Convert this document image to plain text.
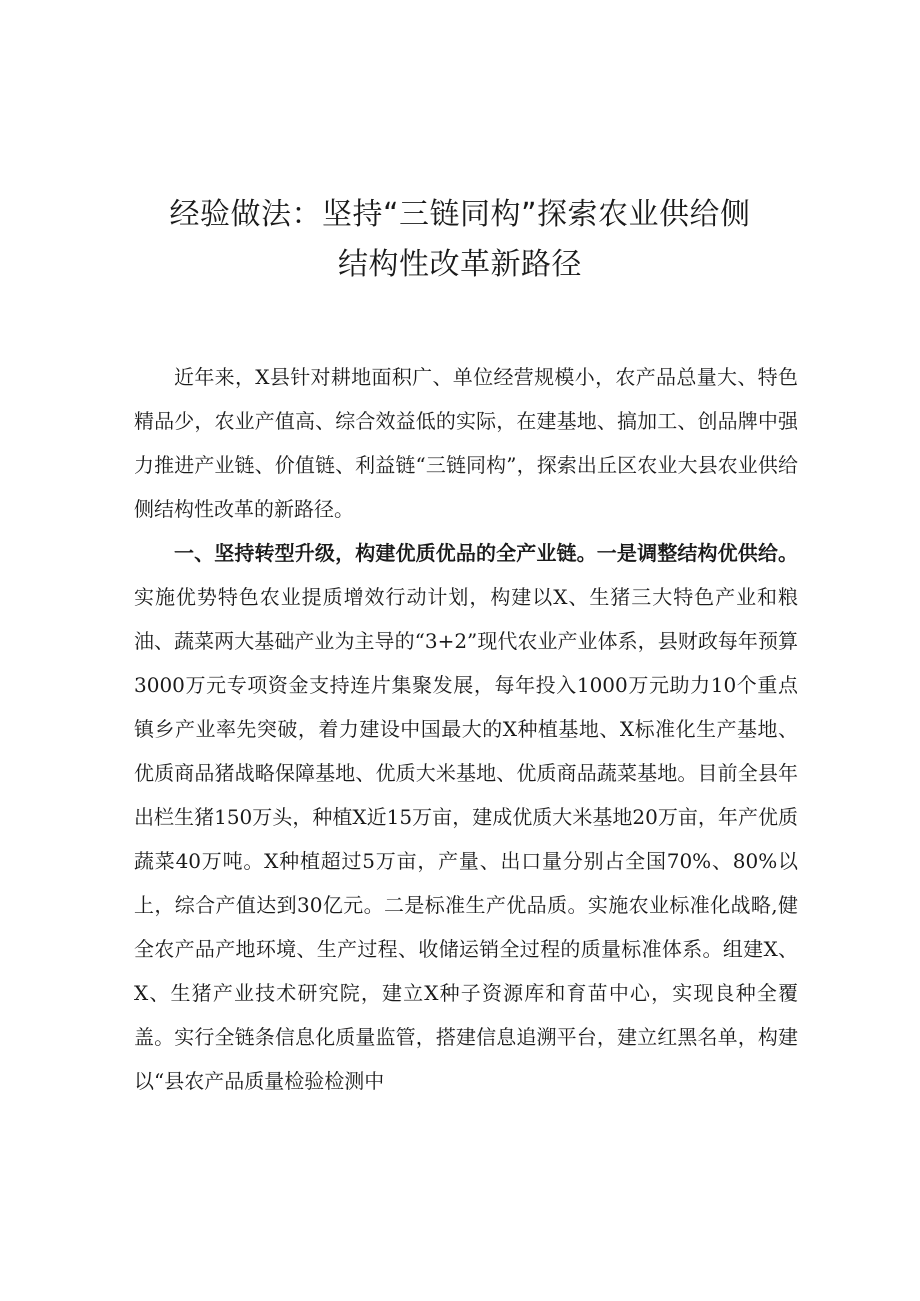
经验做法：坚持“三链同构”探索农业供给侧
结构性改革新路径

近年来，X县针对耕地面积广、单位经营规模小，农产品总量大、特色精品少，农业产值高、综合效益低的实际，在建基地、搞加工、创品牌中强力推进产业链、价值链、利益链“三链同构”，探索出丘区农业大县农业供给侧结构性改革的新路径。

一、坚持转型升级，构建优质优品的全产业链。一是调整结构优供给。实施优势特色农业提质增效行动计划，构建以X、生猪三大特色产业和粮油、蔬菜两大基础产业为主导的“3+2”现代农业产业体系，县财政每年预算3000万元专项资金支持连片集聚发展，每年投入1000万元助力10个重点镇乡产业率先突破，着力建设中国最大的X种植基地、X标准化生产基地、优质商品猪战略保障基地、优质大米基地、优质商品蔬菜基地。目前全县年出栏生猪150万头，种植X近15万亩，建成优质大米基地20万亩，年产优质蔬菜40万吨。X种植超过5万亩，产量、出口量分别占全国70%、80%以上，综合产值达到30亿元。二是标准生产优品质。实施农业标准化战略,健全农产品产地环境、生产过程、收储运销全过程的质量标准体系。组建X、X、生猪产业技术研究院，建立X种子资源库和育苗中心，实现良种全覆盖。实行全链条信息化质量监管，搭建信息追溯平台，建立红黑名单，构建以“县农产品质量检验检测中
